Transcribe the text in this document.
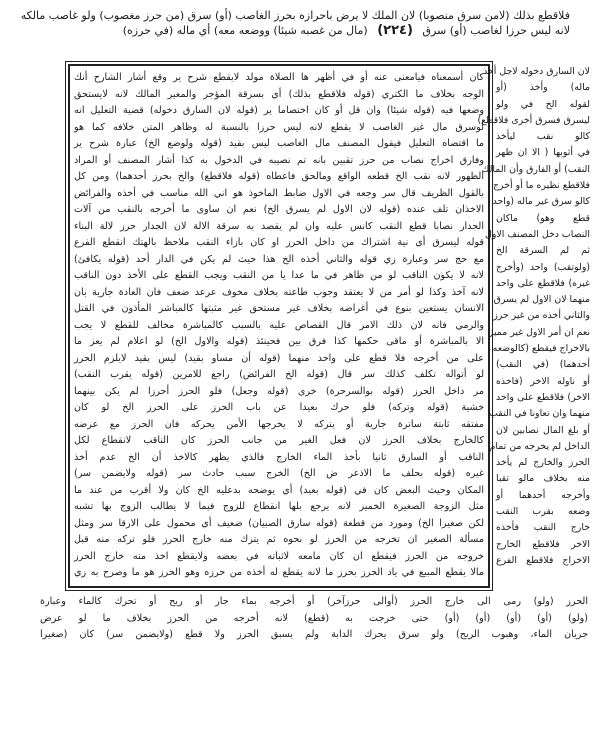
فلاقطع بذلك (لامن سرق منصوبا) لان الملك لا يرض باحرازه بحرز الغاصب (أو) سرق (من حرز مغصوب) ولو غاصب مالكه
لانه ليس حرزا لغاصب (أو) سرق (٢٢٤) (مال من غصبه شيئا) ووضعه معه) أي ماله (في حرزه)
كان أسمعناه فيامعنى عنه أو في أظهر ها الصلاة مولد لايقطع شرح ير وقع أشار الشارح أنك
الوجه بخلاف ما الكتري (قوله فلاقطع بذلك) أي بسرقة المؤجر والمعير المالك لانه لايستحق
وضعها فيه (قوله شيئا) وان قل أو كان اختصاما ير (قوله لان السارق دخوله) قضية التعليل انه
لوسرق مال غير الغاصب لا يقطع لانه ليس حرزا بالنسبة له وظاهر المتن خلافه كما هو
ما اقتضاه التعليل فيقول المصنف مال الغاصب ليس بقيد (قوله ولوضع الخ) عبارة شرح ير
وفارق اخراج نصاب من حرز تقبين بانه تم نصيبه في الدخول به كذا أشار المصنف أو المراد
الظهور لانه نقب الخ قطعه الواقع ومالحق فاعطاه (قوله فلاقطع) والخ بحرز أحدهما) ومن كل
بالقول الظريف قال سر وجعه في الاول ضابط الماخوذ هو اني الله مناسب في أخذه والفرائض
الاخذان تلف عنده (قوله لان الاول لم يسرق الخ) نعم ان ساوى ما أخرجه بالنقب من آلات
الجدار نصابا قطع النقب كانس عليه وان لم يقصد به سرقة الالة لان الجدار حرز لالة البناء
قوله ليسرق أي نية اشتراك من داخل الحرز او كان بازاء النقب ملاحظ بالهتك انقطع الفرع
مع حج سر وعبارة زي قوله والثاني أخذه الخ هذا حيث لم يكن في الدار أحد (قوله يكافئ)
لانه لا يكون الناقب لو من ظاهر في ما عدا يا من النقب ويجب القطع على الأخذ دون الناقب
لانه آخذ وكذا لو أمر من لا يعتقد وجوب طاعته بخلاف مخوف عرعد ضعف فان العادة جارية بان
الانسان يستعين بنوع في أغراضه بخلاف غير مستحق غير مثبتها كالمباشر المأذون في القتل
والرمي فانه لان ذلك الامر قال القصاص عليه بالسبب كالمباشرة مخالف للقطع لا يجب
الا بالمباشرة أو ماقى حكمها كذا فرق بين فحينئذ (قوله والاول الخ) لو اعلام لم يعز ما
على من أخرجه فلا قطع على واحد منهما (قوله أن مساو بقيد) ليس بقيد لايلزم الحرز
لو أتواله تكلف كذلك سر قال (قوله الخ الفرائض) راجع للامرين (قوله يقرب النقب)
مر داخل الحرز (قوله بوالسرحرة) خرى (قوله وجعل) فلو الحرز أحرزا لم يكن بينهما
خشية (قوله وتركه) فلو حرك بعيدا عن باب الحرز على الحرز الخ لو كان
مفتقه ثابتة ساترة جارية أو يتركه لا يخرجها الأمن يحركه فان الحرز مع عرضه
كالخارج بخلاف الحرز لان فعل الغير من جانب الحرز كان الناقب لانقطاع لكل
الناقب أو السارق ثانيا بأخذ الماء الخارج فالذي يظهر كالاخذ أن الخ عدم أخذ
غيره (قوله بحلف ما الاذعر ض الخ) الخرج سبب حادث سر (قوله ولايضمن سر)
المكان وحيث البعض كان في (قوله بعيد) أي يوضحه بدعليه الخ كان ولا أقرب من عند ما
مثل الزوجة الصغيرة الخمير لانه يرجع بلها انقطاع للزوج فيما لا يطالب الزوج بها تشبه
لكن صغيرا الخ) ومورد من قطعة (قوله سارق الصبيان) ضعيف أي محمول على الارقا سر ومثل
مسألة الصغير ان تخرجه من الحرز لو نحوه ثم يترك منه خارج الحرز فلو تركه منه قبل
خروجه من الحرز فيقطع ان كان مامعه لاثباته في بعضه ولايقطع اخذ منه خارج الحرز
مالا يقطع المبيع في ياد الحرز بحرز ما لانه يقطع له أخذه من حرزه وهو الحرز هو ما وصرح به زي
لان السارق دخوله لاجل أخذ
ماله) وأخذ (أو
لقوله الخ في ولو
ليسرق فسرق أخرى فلاقطع)
كالو نقب ليأخذ
في أثوبها ( الا ان ظهر
النقب) أو الفارق وأن المالك
فلاقطع نظيره ما أو أخرج
كالو سرق غير ماله (واحد
قطع وهو) ماكان
النصاب دخل المصنف الاول
ثم لم السرقة الخ
(ولوتقب) واحد (وأخرج
غيره) فلاقطع على واحد
منهما لان الاول لم يسرق
والثاني أخذه من غير حرز
نعم ان أمر الاول غير مميز
بالاخراج فيقطع (كالوضعه
أحدهما) (في النقب)
أو ناوله الاخر (فاخذه
الاخر) فلاقطع على واحد
منهما وان تعاونا في النقب
أو بلغ المال نصابين لان
الداخل لم يخرجه من تمام
الحرز والخارج لم يأخذ
منه بخلاف مالو تقبا
وأخرجه أحدهما أو
وضعه بقرب النقب
خارج النقب فأخذه
الاخر فلاقطع الخارج
الاخراج فلاقطع الفرع
الحرز (ولو) رمى الى خارج الحرز (أوالى حرزآخر) أو أخرجه بماء جار أو ريح أو تحرك كالماء وعبارة
(ولو) (أو) (أو) (أو) (أو) حتى خرجت به (قطع) لانه أخرجه من الحرز بخلاف ما لو عرض
جريان الماء، وهبوب الريح) ولو سرق يحرك الدابة ولم يسبق الحرز ولا قطع (ولايضمن سر) كان (صغيرا
